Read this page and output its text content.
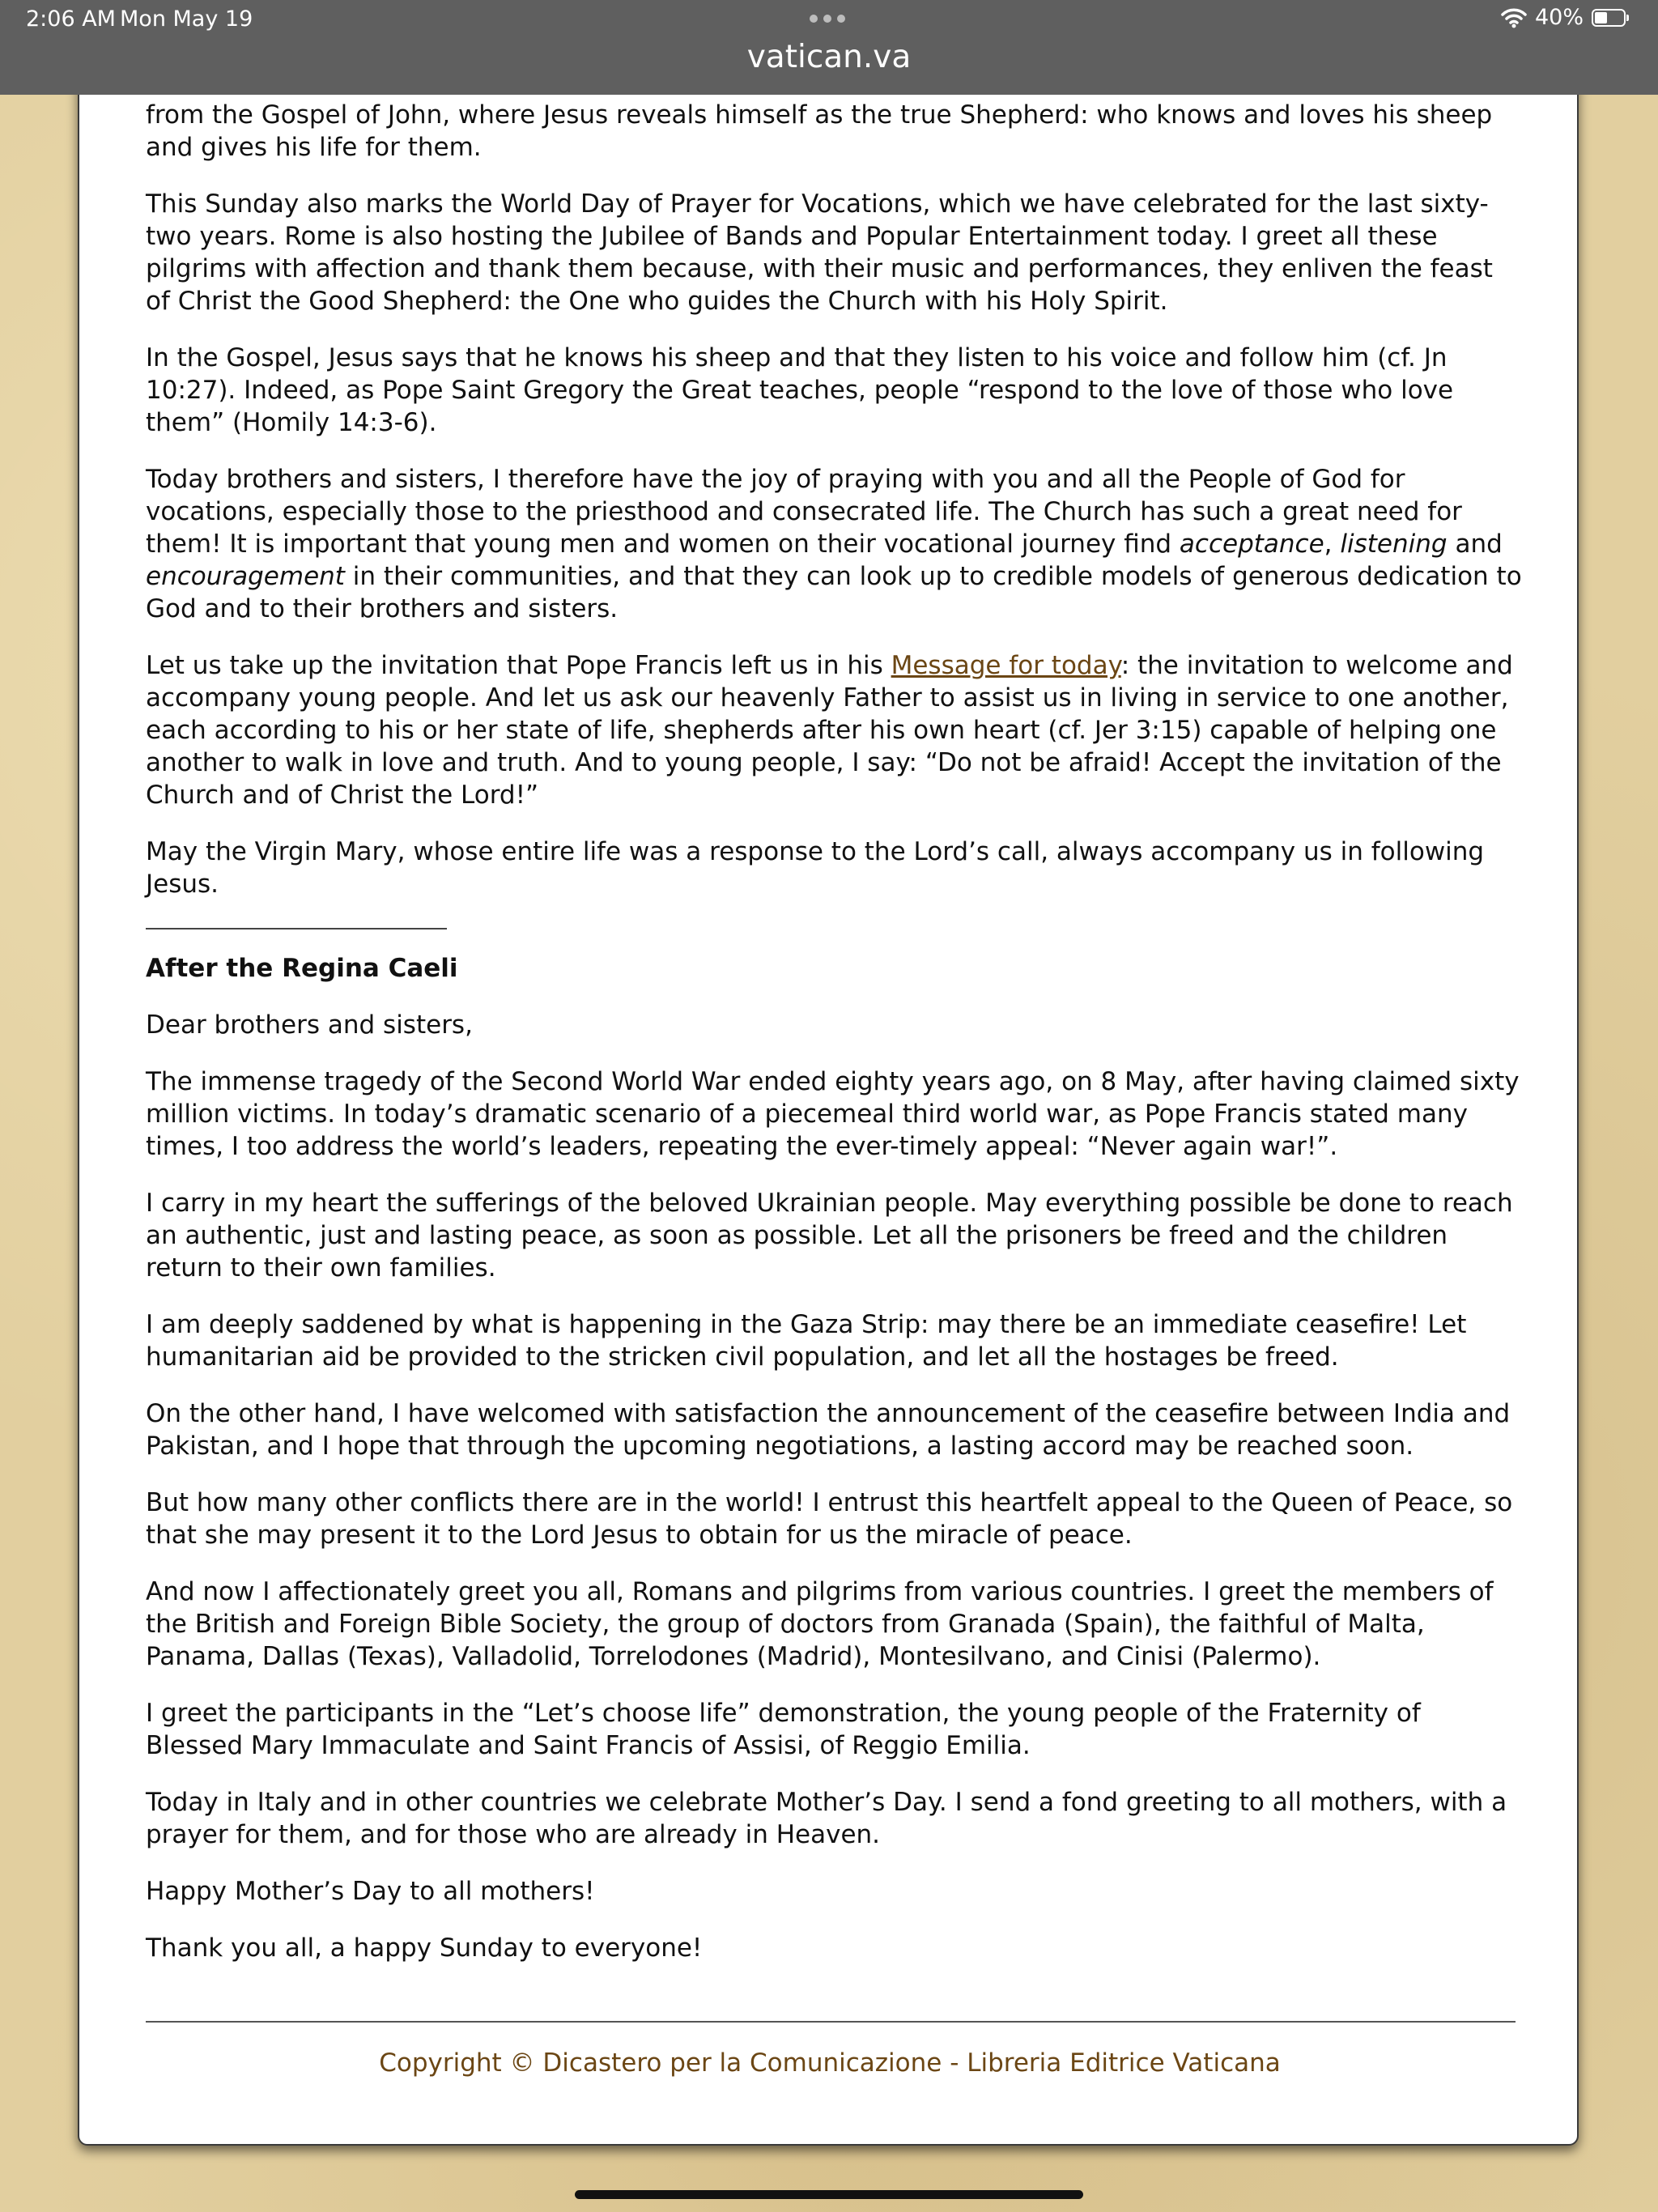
2:06 AM Mon May 19	40%
vatican.va

from the Gospel of John, where Jesus reveals himself as the true Shepherd: who knows and loves his sheep and gives his life for them.

This Sunday also marks the World Day of Prayer for Vocations, which we have celebrated for the last sixty-two years. Rome is also hosting the Jubilee of Bands and Popular Entertainment today. I greet all these pilgrims with affection and thank them because, with their music and performances, they enliven the feast of Christ the Good Shepherd: the One who guides the Church with his Holy Spirit.

In the Gospel, Jesus says that he knows his sheep and that they listen to his voice and follow him (cf. Jn 10:27). Indeed, as Pope Saint Gregory the Great teaches, people “respond to the love of those who love them” (Homily 14:3-6).

Today brothers and sisters, I therefore have the joy of praying with you and all the People of God for vocations, especially those to the priesthood and consecrated life. The Church has such a great need for them! It is important that young men and women on their vocational journey find acceptance, listening and encouragement in their communities, and that they can look up to credible models of generous dedication to God and to their brothers and sisters.

Let us take up the invitation that Pope Francis left us in his Message for today: the invitation to welcome and accompany young people. And let us ask our heavenly Father to assist us in living in service to one another, each according to his or her state of life, shepherds after his own heart (cf. Jer 3:15) capable of helping one another to walk in love and truth. And to young people, I say: “Do not be afraid! Accept the invitation of the Church and of Christ the Lord!”

May the Virgin Mary, whose entire life was a response to the Lord’s call, always accompany us in following Jesus.

After the Regina Caeli

Dear brothers and sisters,

The immense tragedy of the Second World War ended eighty years ago, on 8 May, after having claimed sixty million victims. In today’s dramatic scenario of a piecemeal third world war, as Pope Francis stated many times, I too address the world’s leaders, repeating the ever-timely appeal: “Never again war!”.

I carry in my heart the sufferings of the beloved Ukrainian people. May everything possible be done to reach an authentic, just and lasting peace, as soon as possible. Let all the prisoners be freed and the children return to their own families.

I am deeply saddened by what is happening in the Gaza Strip: may there be an immediate ceasefire! Let humanitarian aid be provided to the stricken civil population, and let all the hostages be freed.

On the other hand, I have welcomed with satisfaction the announcement of the ceasefire between India and Pakistan, and I hope that through the upcoming negotiations, a lasting accord may be reached soon.

But how many other conflicts there are in the world! I entrust this heartfelt appeal to the Queen of Peace, so that she may present it to the Lord Jesus to obtain for us the miracle of peace.

And now I affectionately greet you all, Romans and pilgrims from various countries. I greet the members of the British and Foreign Bible Society, the group of doctors from Granada (Spain), the faithful of Malta, Panama, Dallas (Texas), Valladolid, Torrelodones (Madrid), Montesilvano, and Cinisi (Palermo).

I greet the participants in the “Let’s choose life” demonstration, the young people of the Fraternity of Blessed Mary Immaculate and Saint Francis of Assisi, of Reggio Emilia.

Today in Italy and in other countries we celebrate Mother’s Day. I send a fond greeting to all mothers, with a prayer for them, and for those who are already in Heaven.

Happy Mother’s Day to all mothers!

Thank you all, a happy Sunday to everyone!

Copyright © Dicastero per la Comunicazione - Libreria Editrice Vaticana
